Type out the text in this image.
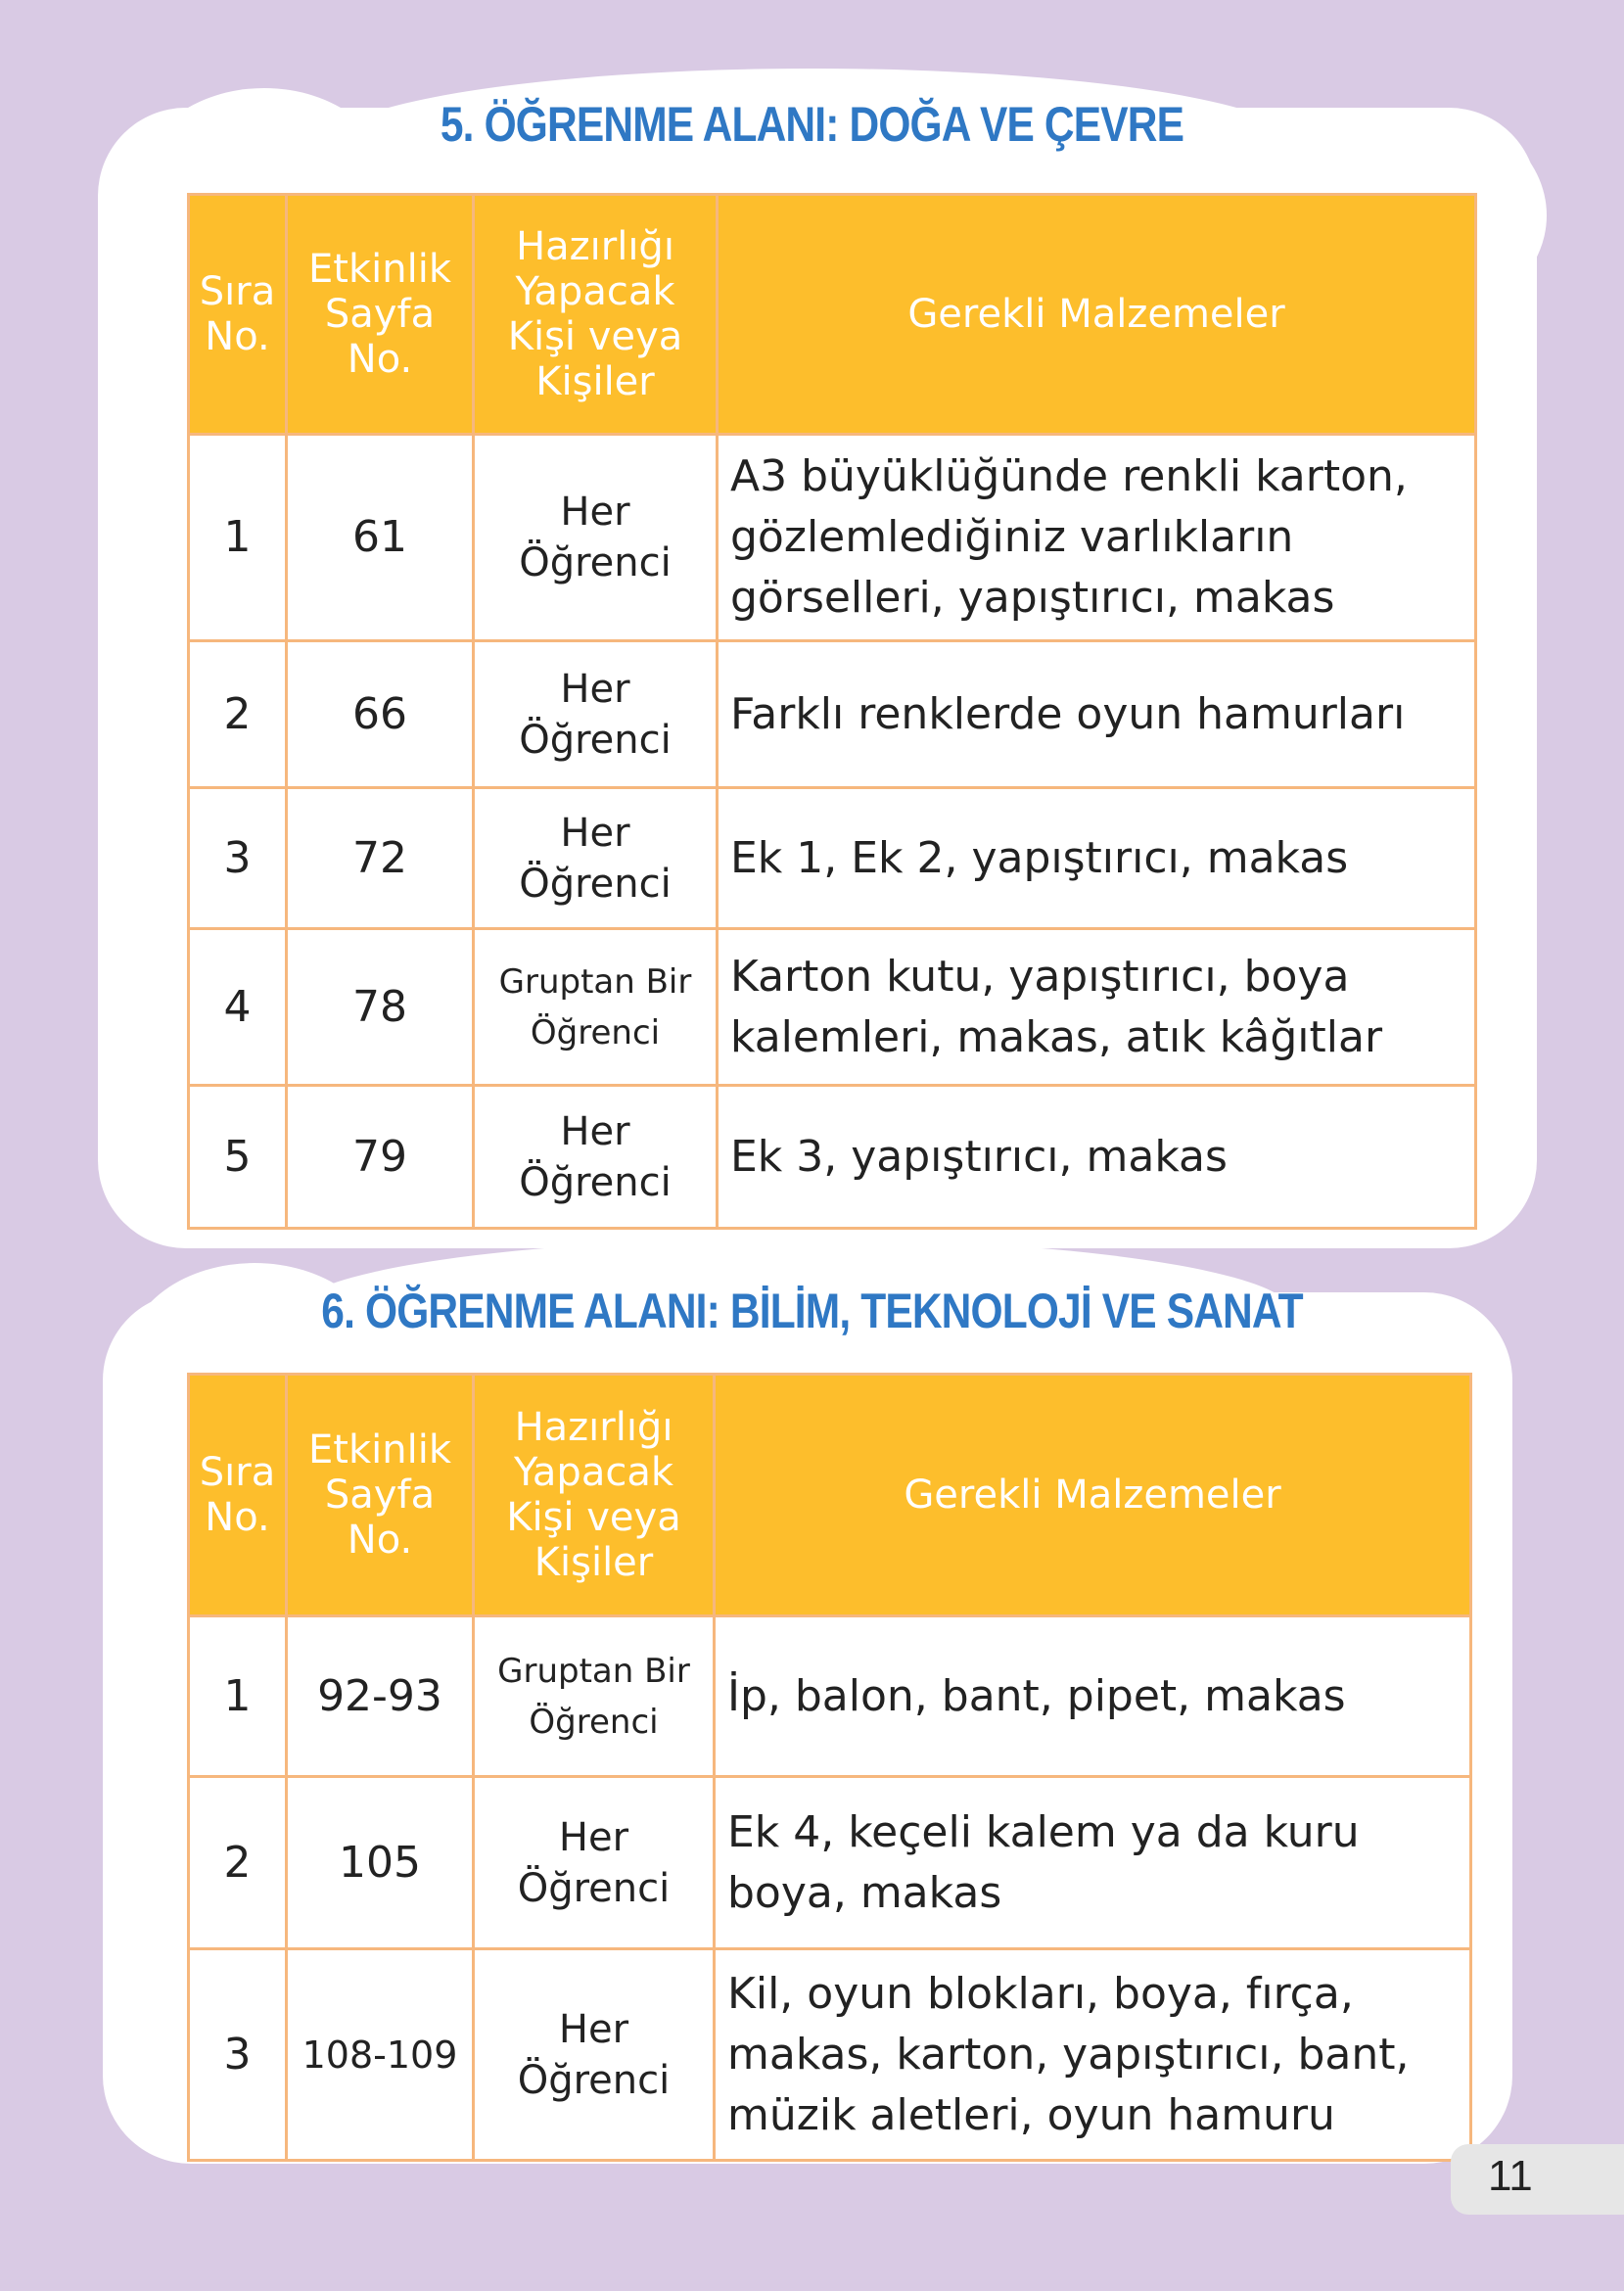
5. ÖĞRENME ALANI: DOĞA VE ÇEVRE
Sıra No.	Etkinlik Sayfa No.	Hazırlığı Yapacak Kişi veya Kişiler	Gerekli Malzemeler
1	61	Her Öğrenci	A3 büyüklüğünde renkli karton, gözlemlediğiniz varlıkların görselleri, yapıştırıcı, makas
2	66	Her Öğrenci	Farklı renklerde oyun hamurları
3	72	Her Öğrenci	Ek 1, Ek 2, yapıştırıcı, makas
4	78	Gruptan Bir Öğrenci	Karton kutu, yapıştırıcı, boya kalemleri, makas, atık kâğıtlar
5	79	Her Öğrenci	Ek 3, yapıştırıcı, makas
6. ÖĞRENME ALANI: BİLİM, TEKNOLOJİ VE SANAT
Sıra No.	Etkinlik Sayfa No.	Hazırlığı Yapacak Kişi veya Kişiler	Gerekli Malzemeler
1	92-93	Gruptan Bir Öğrenci	İp, balon, bant, pipet, makas
2	105	Her Öğrenci	Ek 4, keçeli kalem ya da kuru boya, makas
3	108-109	Her Öğrenci	Kil, oyun blokları, boya, fırça, makas, karton, yapıştırıcı, bant, müzik aletleri, oyun hamuru
11
